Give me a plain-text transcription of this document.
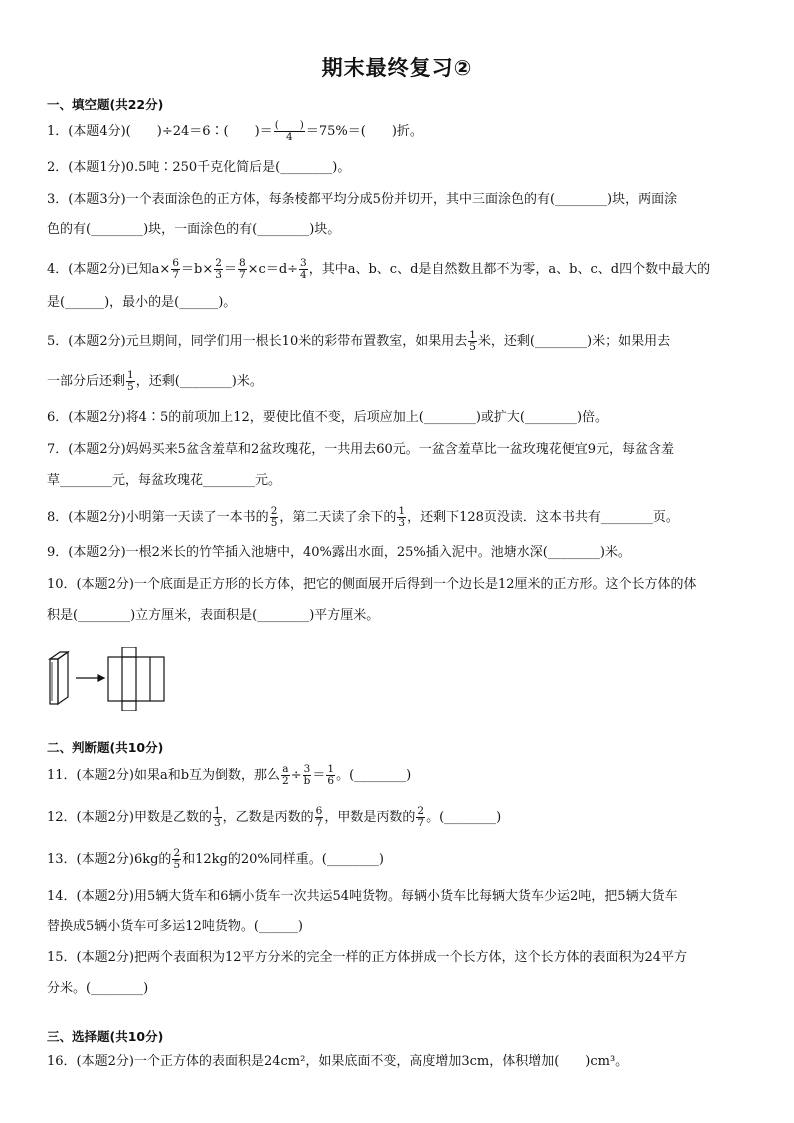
期末最终复习②
一、填空题(共22分)
1．(本题4分)(　　)÷24＝6∶(　　)＝ $\frac{( )}{4} =75\%=$(　　)折。
2．(本题1分)0.5吨∶250千克化简后是(________)。
3．(本题3分)一个表面涂色的正方体，每条棱都平均分成5份并切开，其中三面涂色的有(________)块，两面涂
色的有(________)块，一面涂色的有(________)块。
4．(本题2分)已知$a\times \frac{6}{7} =b\times \frac{2}{3} = \frac{8}{7} \times c=d\div \frac{3}{4}$ ，其中a、b、c、d是自然数且都不为零，a、b、c、d四个数中最大的
是(______)，最小的是(______)。
5．(本题2分)元旦期间，同学们用一根长10米的彩带布置教室，如果用去 $\frac{1}{5}$ 米，还剩(________)米；如果用去
一部分后还剩 $\frac{1}{5}$ ，还剩(________)米。
6．(本题2分)将4∶5的前项加上12，要使比值不变，后项应加上(________)或扩大(________)倍。
7．(本题2分)妈妈买来5盆含羞草和2盆玫瑰花，一共用去60元。一盆含羞草比一盆玫瑰花便宜9元，每盆含羞
草________元，每盆玫瑰花________元。
8．(本题2分)小明第一天读了一本书的 $\frac{2}{5}$ ，第二天读了余下的 $\frac{1}{3}$ ，还剩下128页没读．这本书共有________页。
9．(本题2分)一根2米长的竹竿插入池塘中，40%露出水面，25%插入泥中。池塘水深(________)米。
10．(本题2分)一个底面是正方形的长方体，把它的侧面展开后得到一个边长是12厘米的正方形。这个长方体的体
积是(________)立方厘米，表面积是(________)平方厘米。
二、判断题(共10分)
11．(本题2分)如果a和b互为倒数，那么 $\frac{a}{2} \div \frac{3}{b} = \frac{1}{6}$ 。(________)
12．(本题2分)甲数是乙数的 $\frac{1}{3}$ ，乙数是丙数的 $\frac{6}{7}$ ，甲数是丙数的 $\frac{2}{7}$ 。(________)
13．(本题2分)6kg的 $\frac{2}{5}$ 和12kg的20%同样重。(________)
14．(本题2分)用5辆大货车和6辆小货车一次共运54吨货物。每辆小货车比每辆大货车少运2吨，把5辆大货车
替换成5辆小货车可多运12吨货物。(______)
15．(本题2分)把两个表面积为12平方分米的完全一样的正方体拼成一个长方体，这个长方体的表面积为24平方
分米。(________)
三、选择题(共10分)
16．(本题2分)一个正方体的表面积是24cm²，如果底面不变，高度增加3cm，体积增加(　　)cm³。
